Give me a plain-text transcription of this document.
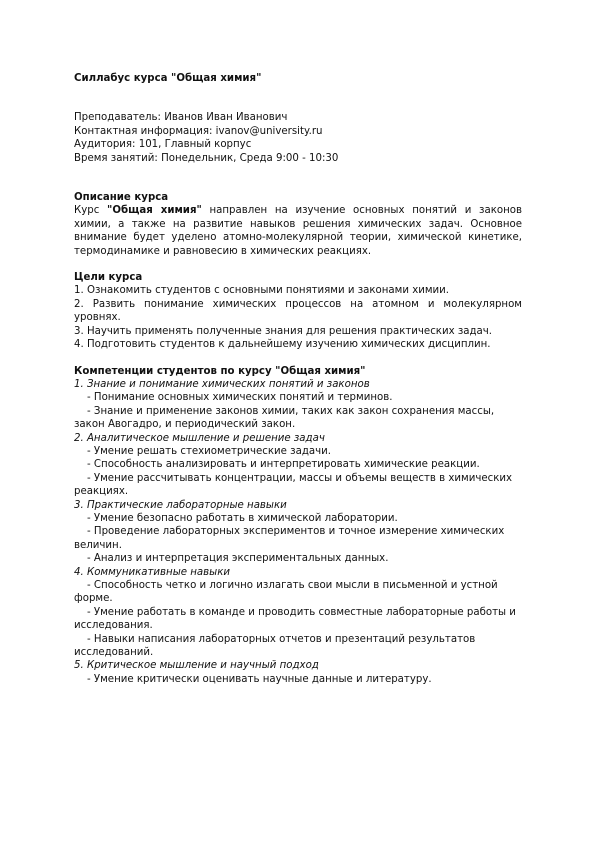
Силлабус курса "Общая химия"

Преподаватель: Иванов Иван Иванович

Контактная информация: ivanov@university.ru

Аудитория: 101, Главный корпус

Время занятий: Понедельник, Среда 9:00 - 10:30

Описание курса

Курс "Общая химия" направлен на изучение основных понятий и законов химии, а также на развитие навыков решения химических задач. Основное внимание будет уделено атомно-молекулярной теории, химической кинетике, термодинамике и равновесию в химических реакциях.

Цели курса

1. Ознакомить студентов с основными понятиями и законами химии.

2. Развить понимание химических процессов на атомном и молекулярном уровнях.

3. Научить применять полученные знания для решения практических задач.

4. Подготовить студентов к дальнейшему изучению химических дисциплин.

Компетенции студентов по курсу "Общая химия"

1. Знание и понимание химических понятий и законов

- Понимание основных химических понятий и терминов.

- Знание и применение законов химии, таких как закон сохранения массы, закон Авогадро, и периодический закон.

2. Аналитическое мышление и решение задач

- Умение решать стехиометрические задачи.

- Способность анализировать и интерпретировать химические реакции.

- Умение рассчитывать концентрации, массы и объемы веществ в химических реакциях.

3. Практические лабораторные навыки

- Умение безопасно работать в химической лаборатории.

- Проведение лабораторных экспериментов и точное измерение химических величин.

- Анализ и интерпретация экспериментальных данных.

4. Коммуникативные навыки

- Способность четко и логично излагать свои мысли в письменной и устной форме.

- Умение работать в команде и проводить совместные лабораторные работы и исследования.

- Навыки написания лабораторных отчетов и презентаций результатов исследований.

5. Критическое мышление и научный подход

- Умение критически оценивать научные данные и литературу.
